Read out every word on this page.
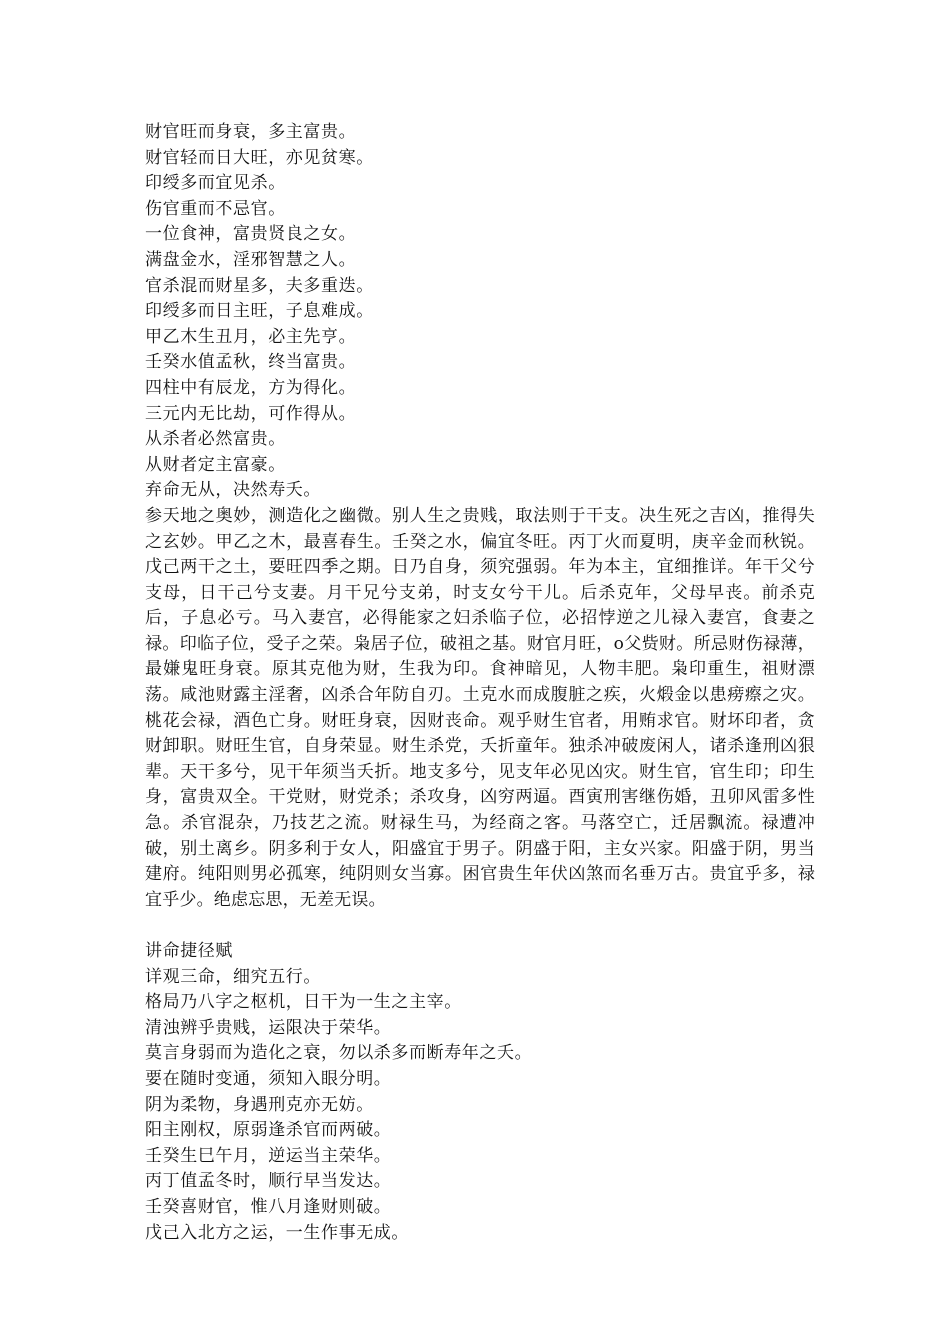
财官旺而身衰，多主富贵。
财官轻而日大旺，亦见贫寒。
印绶多而宜见杀。
伤官重而不忌官。
一位食神，富贵贤良之女。
满盘金水，淫邪智慧之人。
官杀混而财星多，夫多重迭。
印绶多而日主旺，子息难成。
甲乙木生丑月，必主先亨。
壬癸水值孟秋，终当富贵。
四柱中有辰龙，方为得化。
三元内无比劫，可作得从。
从杀者必然富贵。
从财者定主富豪。
弃命无从，决然寿夭。

参天地之奥妙，测造化之幽微。别人生之贵贱，取法则于干支。决生死之吉凶，推得失之玄妙。甲乙之木，最喜春生。壬癸之水，偏宜冬旺。丙丁火而夏明，庚辛金而秋锐。戊己两干之土，要旺四季之期。日乃自身，须究强弱。年为本主，宜细推详。年干父兮支母，日干己兮支妻。月干兄兮支弟，时支女兮干儿。后杀克年，父母早丧。前杀克后，子息必亏。马入妻宫，必得能家之妇杀临子位，必招悖逆之儿禄入妻宫，食妻之禄。印临子位，受子之荣。枭居子位，破祖之基。财官月旺，o父赀财。所忌财伤禄薄，最嫌鬼旺身衰。原其克他为财，生我为印。食神暗见，人物丰肥。枭印重生，祖财漂荡。咸池财露主淫奢，凶杀合年防自刃。土克水而成腹脏之疾，火煅金以患痨瘵之灾。桃花会禄，酒色亡身。财旺身衰，因财丧命。观乎财生官者，用贿求官。财坏印者，贪财卸职。财旺生官，自身荣显。财生杀党，夭折童年。独杀冲破废闲人，诸杀逢刑凶狠辈。天干多兮，见干年须当夭折。地支多兮，见支年必见凶灾。财生官，官生印；印生身，富贵双全。干党财，财党杀；杀攻身，凶穷两逼。酉寅刑害继伤婚，丑卯风雷多性急。杀官混杂，乃技艺之流。财禄生马，为经商之客。马落空亡，迁居飘流。禄遭冲破，别土离乡。阴多利于女人，阳盛宜于男子。阴盛于阳，主女兴家。阳盛于阴，男当建府。纯阳则男必孤寒，纯阴则女当寡。困官贵生年伏凶煞而名垂万古。贵宜乎多，禄宜乎少。绝虑忘思，无差无误。

讲命捷径赋
详观三命，细究五行。
格局乃八字之枢机，日干为一生之主宰。
清浊辨乎贵贱，运限决于荣华。
莫言身弱而为造化之衰，勿以杀多而断寿年之夭。
要在随时变通，须知入眼分明。
阴为柔物，身遇刑克亦无妨。
阳主刚权，原弱逢杀官而两破。
壬癸生巳午月，逆运当主荣华。
丙丁值孟冬时，顺行早当发达。
壬癸喜财官，惟八月逢财则破。
戊己入北方之运，一生作事无成。
